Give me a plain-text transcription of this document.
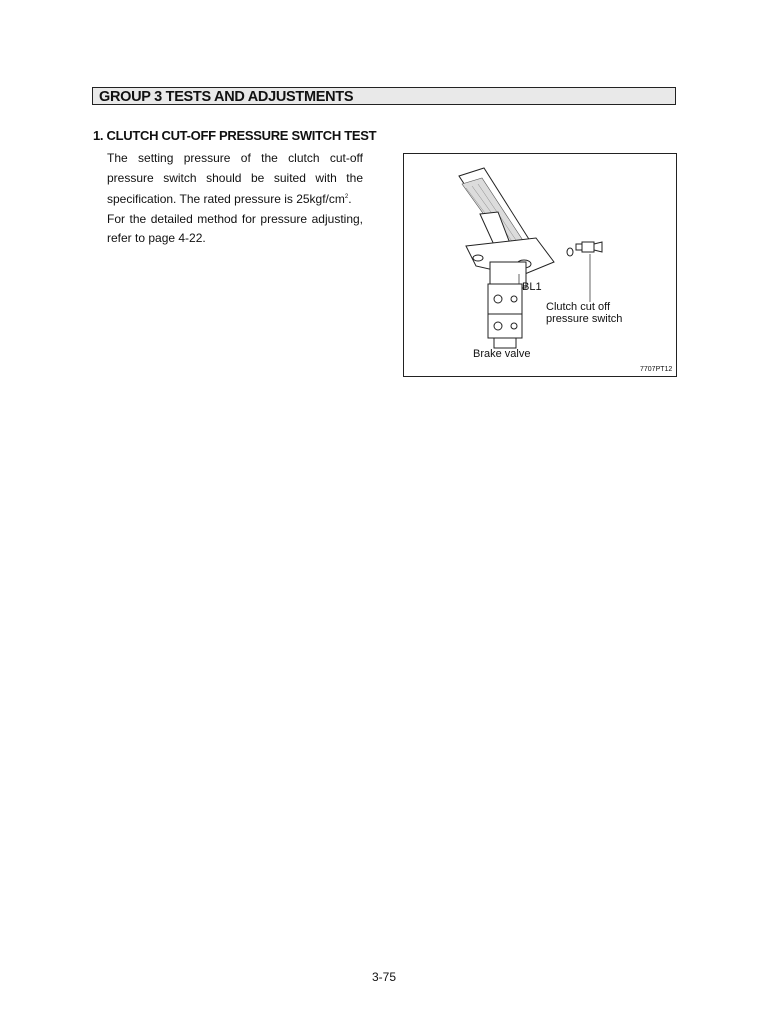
GROUP 3 TESTS AND ADJUSTMENTS
1. CLUTCH CUT-OFF PRESSURE SWITCH TEST

The setting pressure of the clutch cut-off pressure switch should be suited with the specification. The rated pressure is $25kgf/cm^2$.

For the detailed method for pressure adjusting, refer to page 4-22.

BL1
Clutch cut off
pressure switch
Brake valve
7707PT12
3-75
